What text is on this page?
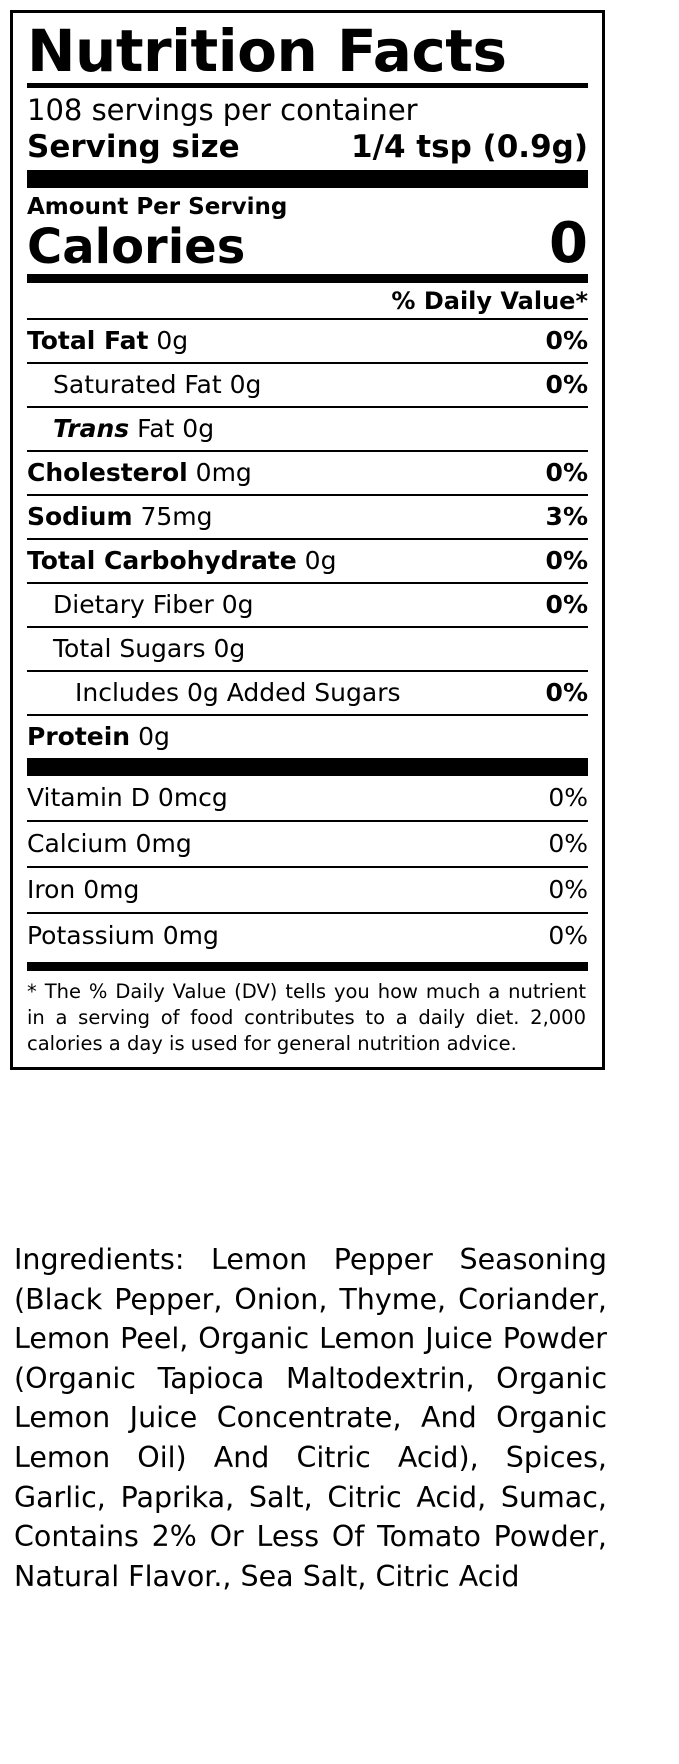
Nutrition Facts
108 servings per container
Serving size	1/4 tsp (0.9g)
Amount Per Serving
Calories	0
% Daily Value*
Total Fat 0g	0%
Saturated Fat 0g	0%
Trans Fat 0g
Cholesterol 0mg	0%
Sodium 75mg	3%
Total Carbohydrate 0g	0%
Dietary Fiber 0g	0%
Total Sugars 0g
Includes 0g Added Sugars	0%
Protein 0g
Vitamin D 0mcg	0%
Calcium 0mg	0%
Iron 0mg	0%
Potassium 0mg	0%
* The % Daily Value (DV) tells you how much a nutrient in a serving of food contributes to a daily diet. 2,000 calories a day is used for general nutrition advice.
Ingredients: Lemon Pepper Seasoning (Black Pepper, Onion, Thyme, Coriander, Lemon Peel, Organic Lemon Juice Powder (Organic Tapioca Maltodextrin, Organic Lemon Juice Concentrate, And Organic Lemon Oil) And Citric Acid), Spices, Garlic, Paprika, Salt, Citric Acid, Sumac, Contains 2% Or Less Of Tomato Powder, Natural Flavor., Sea Salt, Citric Acid
